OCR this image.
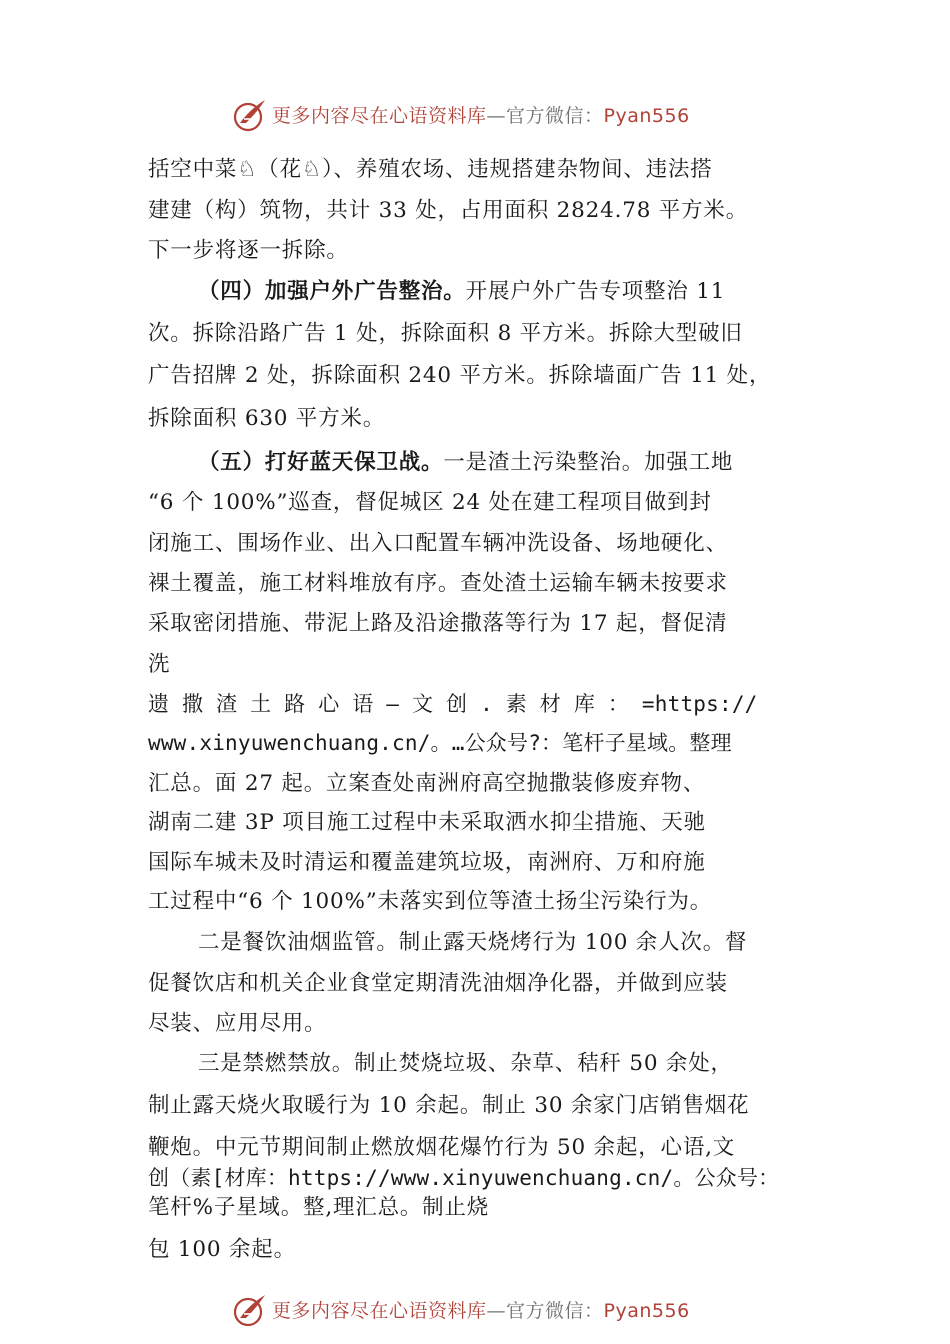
更多内容尽在心语资料库—官方微信：Pyan556
括空中菜♘（花♘）、养殖农场、违规搭建杂物间、违法搭
建建（构）筑物，共计 33 处，占用面积 2824.78 平方米。
下一步将逐一拆除。
（四）加强户外广告整治。开展户外广告专项整治 11
次。拆除沿路广告 1 处，拆除面积 8 平方米。拆除大型破旧
广告招牌 2 处，拆除面积 240 平方米。拆除墙面广告 11 处，
拆除面积 630 平方米。
（五）打好蓝天保卫战。一是渣土污染整治。加强工地
“6 个 100%”巡查，督促城区 24 处在建工程项目做到封
闭施工、围场作业、出入口配置车辆冲洗设备、场地硬化、
裸土覆盖，施工材料堆放有序。查处渣土运输车辆未按要求
采取密闭措施、带泥上路及沿途撒落等行为 17 起，督促清
洗
遗 撒 渣 土 路 心 语 — 文 创 . 素 材 库 ： =https://
www.xinyuwenchuang.cn/。…公众号?：笔杆子星域。整理
汇总。面 27 起。立案查处南洲府高空抛撒装修废弃物、
湖南二建 3P 项目施工过程中未采取洒水抑尘措施、天驰
国际车城未及时清运和覆盖建筑垃圾，南洲府、万和府施
工过程中“6 个 100%”未落实到位等渣土扬尘污染行为。
二是餐饮油烟监管。制止露天烧烤行为 100 余人次。督
促餐饮店和机关企业食堂定期清洗油烟净化器，并做到应装
尽装、应用尽用。
三是禁燃禁放。制止焚烧垃圾、杂草、秸秆 50 余处，
制止露天烧火取暖行为 10 余起。制止 30 余家门店销售烟花
鞭炮。中元节期间制止燃放烟花爆竹行为 50 余起，心语,文
创（素[材库：https://www.xinyuwenchuang.cn/。公众号：
笔杆%子星域。整,理汇总。制止烧
包 100 余起。
更多内容尽在心语资料库—官方微信：Pyan556
